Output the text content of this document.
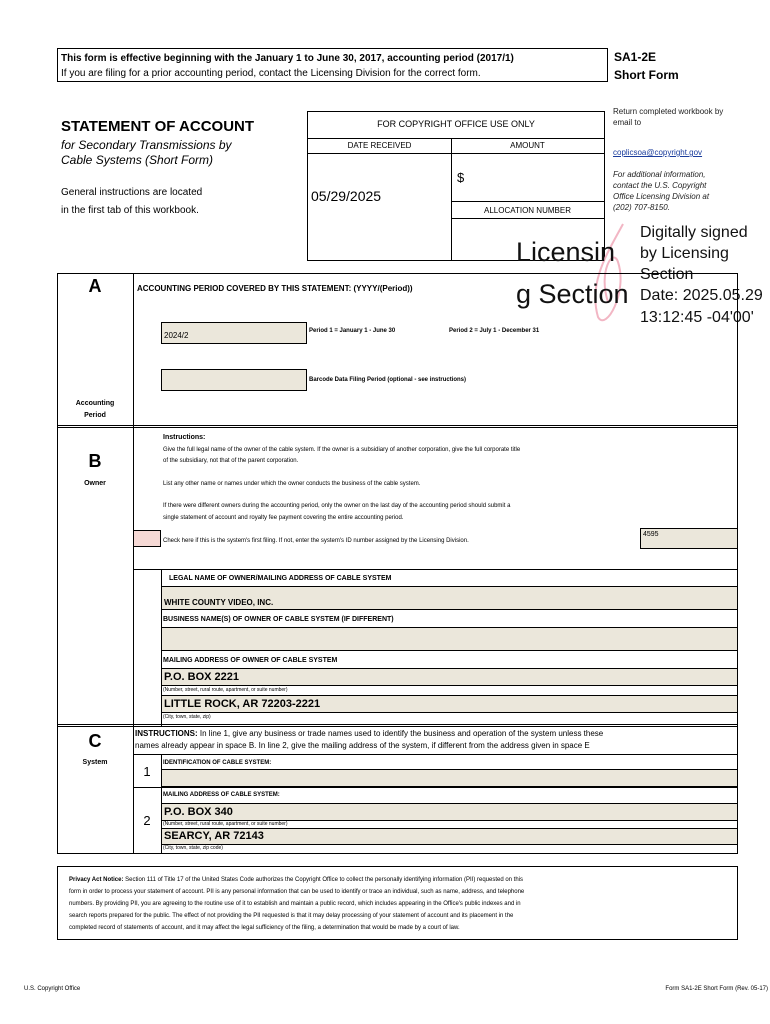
This form is effective beginning with the January 1 to June 30, 2017, accounting period (2017/1)
If you are filing for a prior accounting period, contact the Licensing Division for the correct form.
SA1-2E
Short Form
STATEMENT OF ACCOUNT
for Secondary Transmissions by
Cable Systems (Short Form)
General instructions are located
in the first tab of this workbook.
FOR COPYRIGHT OFFICE USE ONLY
DATE RECEIVED	AMOUNT
05/29/2025
$
ALLOCATION NUMBER
Return completed workbook by
email to
coplicsoa@copyright.gov
For additional information,
contact the U.S. Copyright
Office Licensing Division at
(202) 707-8150.
Licensin
g Section
Digitally signed
by Licensing
Section
Date: 2025.05.29
13:12:45 -04'00'
A
Accounting
Period
ACCOUNTING PERIOD COVERED BY THIS STATEMENT: (YYYY/(Period))
2024/2	Period 1 = January 1 - June 30	Period 2 = July 1 - December 31
Barcode Data Filing Period (optional - see instructions)
B
Owner
Instructions:
Give the full legal name of the owner of the cable system. If the owner is a subsidiary of another corporation, give the full corporate title
of the subsidiary, not that of the parent corporation.
List any other name or names under which the owner conducts the business of the cable system.
If there were different owners during the accounting period, only the owner on the last day of the accounting period should submit a
single statement of account and royalty fee payment covering the entire accounting period.
Check here if this is the system's first filing. If not, enter the system's ID number assigned by the Licensing Division.
4595
LEGAL NAME OF OWNER/MAILING ADDRESS OF CABLE SYSTEM
WHITE COUNTY VIDEO, INC.
BUSINESS NAME(S) OF OWNER OF CABLE SYSTEM (IF DIFFERENT)
MAILING ADDRESS OF OWNER OF CABLE SYSTEM
P.O. BOX 2221
(Number, street, rural route, apartment, or suite number)
LITTLE ROCK, AR 72203-2221
(City, town, state, zip)
C
System
INSTRUCTIONS: In line 1, give any business or trade names used to identify the business and operation of the system unless these
names already appear in space B. In line 2, give the mailing address of the system, if different from the address given in space E
1
IDENTIFICATION OF CABLE SYSTEM:
2
MAILING ADDRESS OF CABLE SYSTEM:
P.O. BOX 340
(Number, street, rural route, apartment, or suite number)
SEARCY, AR 72143
(City, town, state, zip code)
Privacy Act Notice: Section 111 of Title 17 of the United States Code authorizes the Copyright Office to collect the personally identifying information (PII) requested on this
form in order to process your statement of account. PII is any personal information that can be used to identify or trace an individual, such as name, address, and telephone
numbers. By providing PII, you are agreeing to the routine use of it to establish and maintain a public record, which includes appearing in the Office's public indexes and in
search reports prepared for the public. The effect of not providing the PII requested is that it may delay processing of your statement of account and its placement in the
completed record of statements of account, and it may affect the legal sufficiency of the filing, a determination that would be made by a court of law.
U.S. Copyright Office	Form SA1-2E Short Form (Rev. 05-17)
